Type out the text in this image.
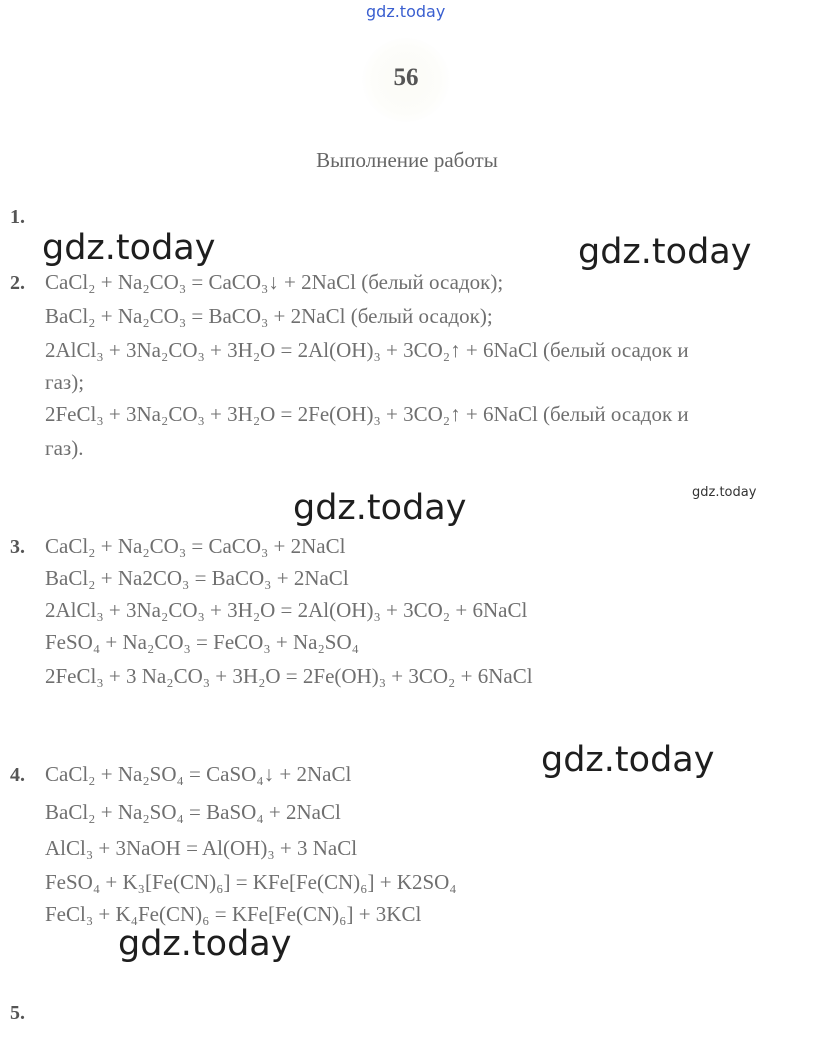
gdz.today
gdz.today	gdz.today
gdz.today	gdz.today
gdz.today
gdz.today
56
Выполнение работы
1.
2. CaCl₂ + Na₂CO₃ = CaCO₃↓ + 2NaCl (белый осадок);
BaCl₂ + Na₂CO₃ = BaCO₃ + 2NaCl (белый осадок);
2AlCl₃ + 3Na₂CO₃ + 3H₂O = 2Al(OH)₃ + 3CO₂↑ + 6NaCl (белый осадок и
газ);
2FeCl₃ + 3Na₂CO₃ + 3H₂O = 2Fe(OH)₃ + 3CO₂↑ + 6NaCl (белый осадок и
газ).
3. CaCl₂ + Na₂CO₃ = CaCO₃ + 2NaCl
BaCl₂ + Na2CO₃ = BaCO₃ + 2NaCl
2AlCl₃ + 3Na₂CO₃ + 3H₂O = 2Al(OH)₃ + 3CO₂ + 6NaCl
FeSO₄ + Na₂CO₃ = FeCO₃ + Na₂SO₄
2FeCl₃ + 3 Na₂CO₃ + 3H₂O = 2Fe(OH)₃ + 3CO₂ + 6NaCl
4. CaCl₂ + Na₂SO₄ = CaSO₄↓ + 2NaCl
BaCl₂ + Na₂SO₄ = BaSO₄ + 2NaCl
AlCl₃ + 3NaOH = Al(OH)₃ + 3 NaCl
FeSO₄ + K₃[Fe(CN)₆] = KFe[Fe(CN)₆] + K2SO₄
FeCl₃ + K₄Fe(CN)₆ = KFe[Fe(CN)₆] + 3KCl
5.
